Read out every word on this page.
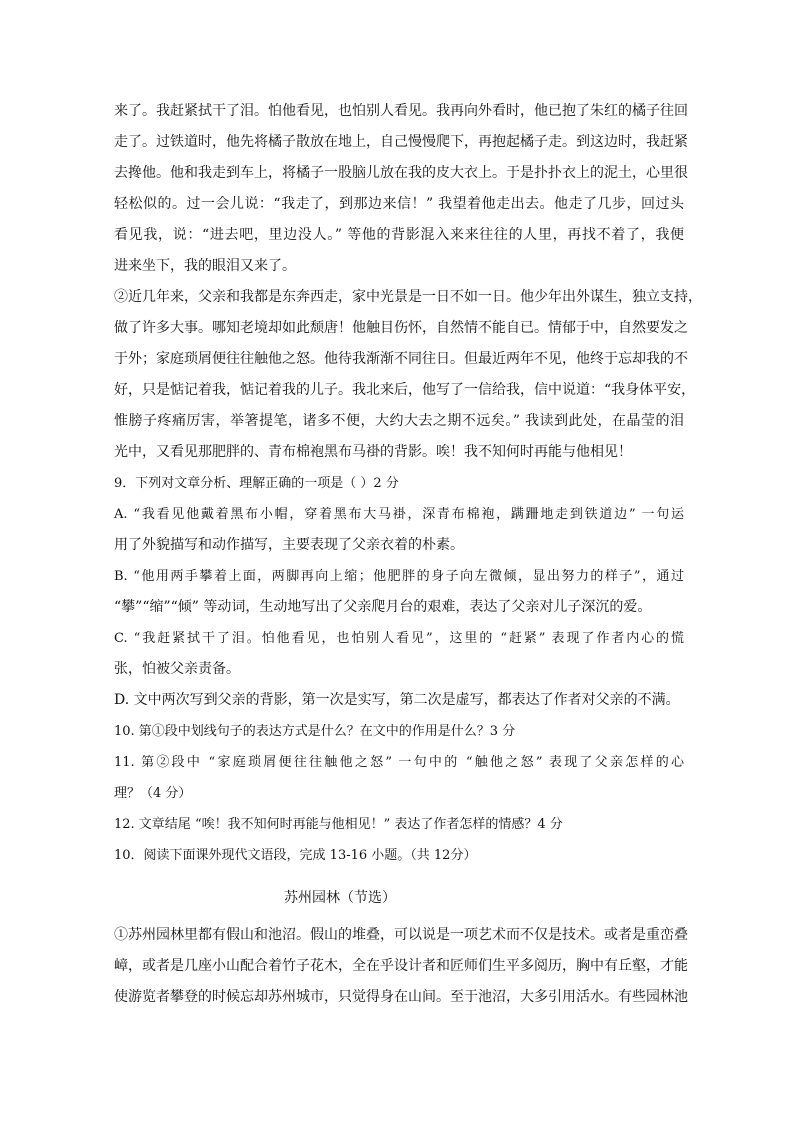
来了。我赶紧拭干了泪。怕他看见，也怕别人看见。我再向外看时，他已抱了朱红的橘子往回
走了。过铁道时，他先将橘子散放在地上，自己慢慢爬下，再抱起橘子走。到这边时，我赶紧
去搀他。他和我走到车上，将橘子一股脑儿放在我的皮大衣上。于是扑扑衣上的泥土，心里很
轻松似的。过一会儿说：“我走了，到那边来信！” 我望着他走出去。他走了几步，回过头
看见我，说：“进去吧，里边没人。” 等他的背影混入来来往往的人里，再找不着了，我便
进来坐下，我的眼泪又来了。
②近几年来，父亲和我都是东奔西走，家中光景是一日不如一日。他少年出外谋生，独立支持，
做了许多大事。哪知老境却如此颓唐！他触目伤怀，自然情不能自已。情郁于中，自然要发之
于外；家庭琐屑便往往触他之怒。他待我渐渐不同往日。但最近两年不见，他终于忘却我的不
好，只是惦记着我，惦记着我的儿子。我北来后，他写了一信给我，信中说道：“我身体平安，
惟膀子疼痛厉害，举箸提笔，诸多不便，大约大去之期不远矣。” 我读到此处，在晶莹的泪
光中，又看见那肥胖的、青布棉袍黑布马褂的背影。唉！我不知何时再能与他相见！
9．下列对文章分析、理解正确的一项是（ ）2 分
A. “我看见他戴着黑布小帽，穿着黑布大马褂，深青布棉袍，蹒跚地走到铁道边” 一句运
用了外貌描写和动作描写，主要表现了父亲衣着的朴素。
B. “他用两手攀着上面，两脚再向上缩；他肥胖的身子向左微倾，显出努力的样子”，通过
“攀”“缩”“倾” 等动词，生动地写出了父亲爬月台的艰难，表达了父亲对儿子深沉的爱。
C. “我赶紧拭干了泪。怕他看见，也怕别人看见”，这里的 “赶紧” 表现了作者内心的慌
张，怕被父亲责备。
D. 文中两次写到父亲的背影，第一次是实写，第二次是虚写，都表达了作者对父亲的不满。
10. 第①段中划线句子的表达方式是什么？在文中的作用是什么？3 分
11. 第②段中 “家庭琐屑便往往触他之怒” 一句中的 “触他之怒” 表现了父亲怎样的心
理？（4 分）
12. 文章结尾 “唉！我不知何时再能与他相见！” 表达了作者怎样的情感？4 分
10．阅读下面课外现代文语段，完成 13-16 小题。（共 12分）
苏州园林（节选）
①苏州园林里都有假山和池沼。假山的堆叠，可以说是一项艺术而不仅是技术。或者是重峦叠
嶂，或者是几座小山配合着竹子花木，全在乎设计者和匠师们生平多阅历，胸中有丘壑，才能
使游览者攀登的时候忘却苏州城市，只觉得身在山间。至于池沼，大多引用活水。有些园林池
